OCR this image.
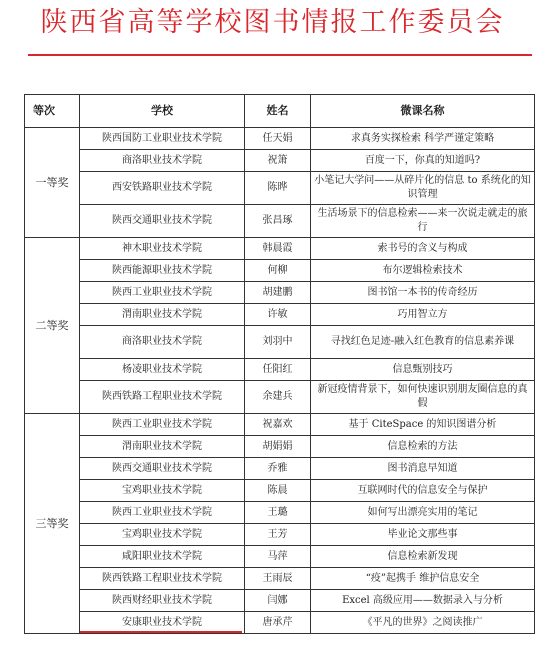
陕西省高等学校图书情报工作委员会
等次	学校	姓名	微课名称
一等奖	陕西国防工业职业技术学院	任天娟	求真务实探检索 科学严谨定策略
	商洛职业技术学院	祝箫	百度一下，你真的知道吗?
	西安铁路职业技术学院	陈晔	小笔记大学问——从碎片化的信息 to 系统化的知识管理
	陕西交通职业技术学院	张昌琢	生活场景下的信息检索——来一次说走就走的旅行
二等奖	神木职业技术学院	韩晨霞	索书号的含义与构成
	陕西能源职业技术学院	何柳	布尔逻辑检索技术
	陕西工业职业技术学院	胡建鹏	图书馆一本书的传奇经历
	渭南职业技术学院	许敏	巧用智立方
	商洛职业技术学院	刘羽中	寻找红色足迹-融入红色教育的信息素养课
	杨凌职业技术学院	任阳红	信息甄别技巧
	陕西铁路工程职业技术学院	余建兵	新冠疫情背景下，如何快速识别朋友圈信息的真假
三等奖	陕西工业职业技术学院	祝嘉欢	基于 CiteSpace 的知识图谱分析
	渭南职业技术学院	胡娟娟	信息检索的方法
	陕西交通职业技术学院	乔雅	图书消息早知道
	宝鸡职业技术学院	陈晨	互联网时代的信息安全与保护
	陕西工业职业技术学院	王璐	如何写出漂亮实用的笔记
	宝鸡职业技术学院	王芳	毕业论文那些事
	咸阳职业技术学院	马萍	信息检索新发现
	陕西铁路工程职业技术学院	王雨辰	“疫”起携手 维护信息安全
	陕西财经职业技术学院	闫娜	Excel 高级应用——数据录入与分析
	安康职业技术学院	唐承芹	《平凡的世界》之阅读推广
